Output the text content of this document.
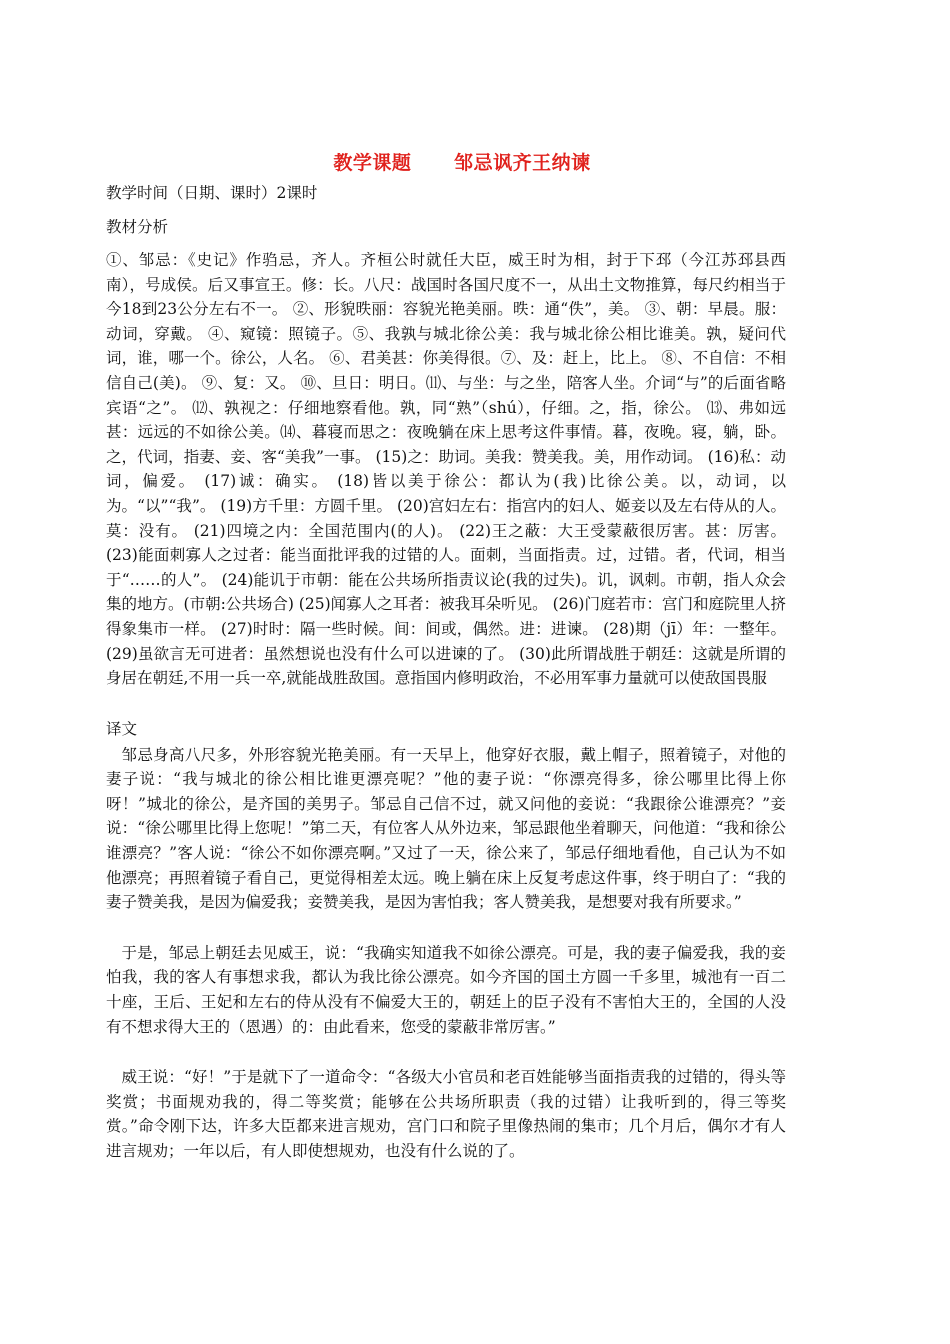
教学课题      邹忌讽齐王纳谏

教学时间（日期、课时）2课时

教材分析

①、邹忌：《史记》作驺忌，齐人。齐桓公时就任大臣，威王时为相，封于下邳（今江苏邳县西南），号成侯。后又事宣王。修：长。八尺：战国时各国尺度不一，从出土文物推算，每尺约相当于今18到23公分左右不一。 ②、形貌昳丽：容貌光艳美丽。昳：通“佚”，美。 ③、朝：早晨。服：动词，穿戴。 ④、窥镜：照镜子。⑤、我孰与城北徐公美：我与城北徐公相比谁美。孰，疑问代词，谁，哪一个。徐公，人名。 ⑥、君美甚：你美得很。⑦、及：赶上，比上。 ⑧、不自信：不相信自己(美)。 ⑨、复：又。 ⑩、旦日：明日。⑾、与坐：与之坐，陪客人坐。介词“与”的后面省略宾语“之”。 ⑿、孰视之：仔细地察看他。孰，同“熟”（shú），仔细。之，指，徐公。 ⒀、弗如远甚：远远的不如徐公美。⒁、暮寝而思之：夜晚躺在床上思考这件事情。暮，夜晚。寝，躺，卧。之，代词，指妻、妾、客“美我”一事。 (15)之：助词。美我：赞美我。美，用作动词。 (16)私：动词，偏爱。 (17)诚：确实。 (18)皆以美于徐公：都认为(我)比徐公美。以，动词，以为。“以”“我”。 (19)方千里：方圆千里。 (20)宫妇左右：指宫内的妇人、姬妾以及左右侍从的人。莫：没有。 (21)四境之内：全国范围内(的人)。 (22)王之蔽：大王受蒙蔽很厉害。甚：厉害。 (23)能面刺寡人之过者：能当面批评我的过错的人。面刺，当面指责。过，过错。者，代词，相当于“……的人”。 (24)能讥于市朝：能在公共场所指责议论(我的过失)。讥，讽刺。市朝，指人众会集的地方。(市朝:公共场合) (25)闻寡人之耳者：被我耳朵听见。 (26)门庭若市：宫门和庭院里人挤得象集市一样。 (27)时时：隔一些时候。间：间或，偶然。进：进谏。 (28)期（jī）年：一整年。 (29)虽欲言无可进者：虽然想说也没有什么可以进谏的了。 (30)此所谓战胜于朝廷：这就是所谓的身居在朝廷,不用一兵一卒,就能战胜敌国。意指国内修明政治，不必用军事力量就可以使敌国畏服

译文

邹忌身高八尺多，外形容貌光艳美丽。有一天早上，他穿好衣服，戴上帽子，照着镜子，对他的妻子说：“我与城北的徐公相比谁更漂亮呢？”他的妻子说：“你漂亮得多，徐公哪里比得上你呀！”城北的徐公，是齐国的美男子。邹忌自己信不过，就又问他的妾说：“我跟徐公谁漂亮？”妾说：“徐公哪里比得上您呢！”第二天，有位客人从外边来，邹忌跟他坐着聊天，问他道：“我和徐公谁漂亮？”客人说：“徐公不如你漂亮啊。”又过了一天，徐公来了，邹忌仔细地看他，自己认为不如他漂亮；再照着镜子看自己，更觉得相差太远。晚上躺在床上反复考虑这件事，终于明白了：“我的妻子赞美我，是因为偏爱我；妾赞美我，是因为害怕我；客人赞美我，是想要对我有所要求。”

于是，邹忌上朝廷去见威王，说：“我确实知道我不如徐公漂亮。可是，我的妻子偏爱我，我的妾怕我，我的客人有事想求我，都认为我比徐公漂亮。如今齐国的国土方圆一千多里，城池有一百二十座，王后、王妃和左右的侍从没有不偏爱大王的，朝廷上的臣子没有不害怕大王的，全国的人没有不想求得大王的（恩遇）的：由此看来，您受的蒙蔽非常厉害。”

威王说：“好！”于是就下了一道命令：“各级大小官员和老百姓能够当面指责我的过错的，得头等奖赏；书面规劝我的，得二等奖赏；能够在公共场所职责（我的过错）让我听到的，得三等奖赏。”命令刚下达，许多大臣都来进言规劝，宫门口和院子里像热闹的集市；几个月后，偶尔才有人进言规劝；一年以后，有人即使想规劝，也没有什么说的了。
